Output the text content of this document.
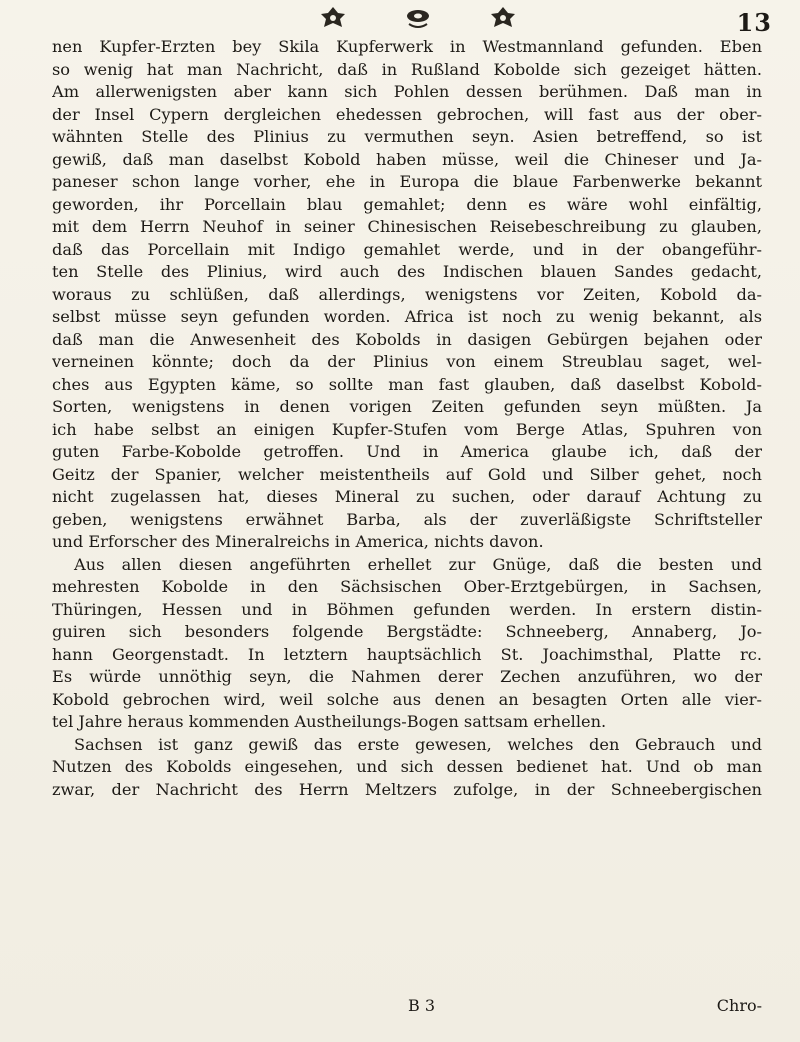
13
nen Kupfer-Erzten bey Skila Kupferwerk in Westmannland gefunden. Eben
so wenig hat man Nachricht, daß in Rußland Kobolde sich gezeiget hätten.
Am allerwenigsten aber kann sich Pohlen dessen berühmen. Daß man in
der Insel Cypern dergleichen ehedessen gebrochen, will fast aus der ober-
wähnten Stelle des Plinius zu vermuthen seyn. Asien betreffend, so ist
gewiß, daß man daselbst Kobold haben müsse, weil die Chineser und Ja-
paneser schon lange vorher, ehe in Europa die blaue Farbenwerke bekannt
geworden, ihr Porcellain blau gemahlet; denn es wäre wohl einfältig,
mit dem Herrn Neuhof in seiner Chinesischen Reisebeschreibung zu glauben,
daß das Porcellain mit Indigo gemahlet werde, und in der obangeführ-
ten Stelle des Plinius, wird auch des Indischen blauen Sandes gedacht,
woraus zu schlüßen, daß allerdings, wenigstens vor Zeiten, Kobold da-
selbst müsse seyn gefunden worden. Africa ist noch zu wenig bekannt, als
daß man die Anwesenheit des Kobolds in dasigen Gebürgen bejahen oder
verneinen könnte; doch da der Plinius von einem Streublau saget, wel-
ches aus Egypten käme, so sollte man fast glauben, daß daselbst Kobold-
Sorten, wenigstens in denen vorigen Zeiten gefunden seyn müßten. Ja
ich habe selbst an einigen Kupfer-Stufen vom Berge Atlas, Spuhren von
guten Farbe-Kobolde getroffen. Und in America glaube ich, daß der
Geitz der Spanier, welcher meistentheils auf Gold und Silber gehet, noch
nicht zugelassen hat, dieses Mineral zu suchen, oder darauf Achtung zu
geben, wenigstens erwähnet Barba, als der zuverläßigste Schriftsteller
und Erforscher des Mineralreichs in America, nichts davon.
Aus allen diesen angeführten erhellet zur Gnüge, daß die besten und
mehresten Kobolde in den Sächsischen Ober-Erztgebürgen, in Sachsen,
Thüringen, Hessen und in Böhmen gefunden werden. In erstern distin-
guiren sich besonders folgende Bergstädte: Schneeberg, Annaberg, Jo-
hann Georgenstadt. In letztern hauptsächlich St. Joachimsthal, Platte rc.
Es würde unnöthig seyn, die Nahmen derer Zechen anzuführen, wo der
Kobold gebrochen wird, weil solche aus denen an besagten Orten alle vier-
tel Jahre heraus kommenden Austheilungs-Bogen sattsam erhellen.
Sachsen ist ganz gewiß das erste gewesen, welches den Gebrauch und
Nutzen des Kobolds eingesehen, und sich dessen bedienet hat. Und ob man
zwar, der Nachricht des Herrn Meltzers zufolge, in der Schneebergischen
B 3	Chro-
